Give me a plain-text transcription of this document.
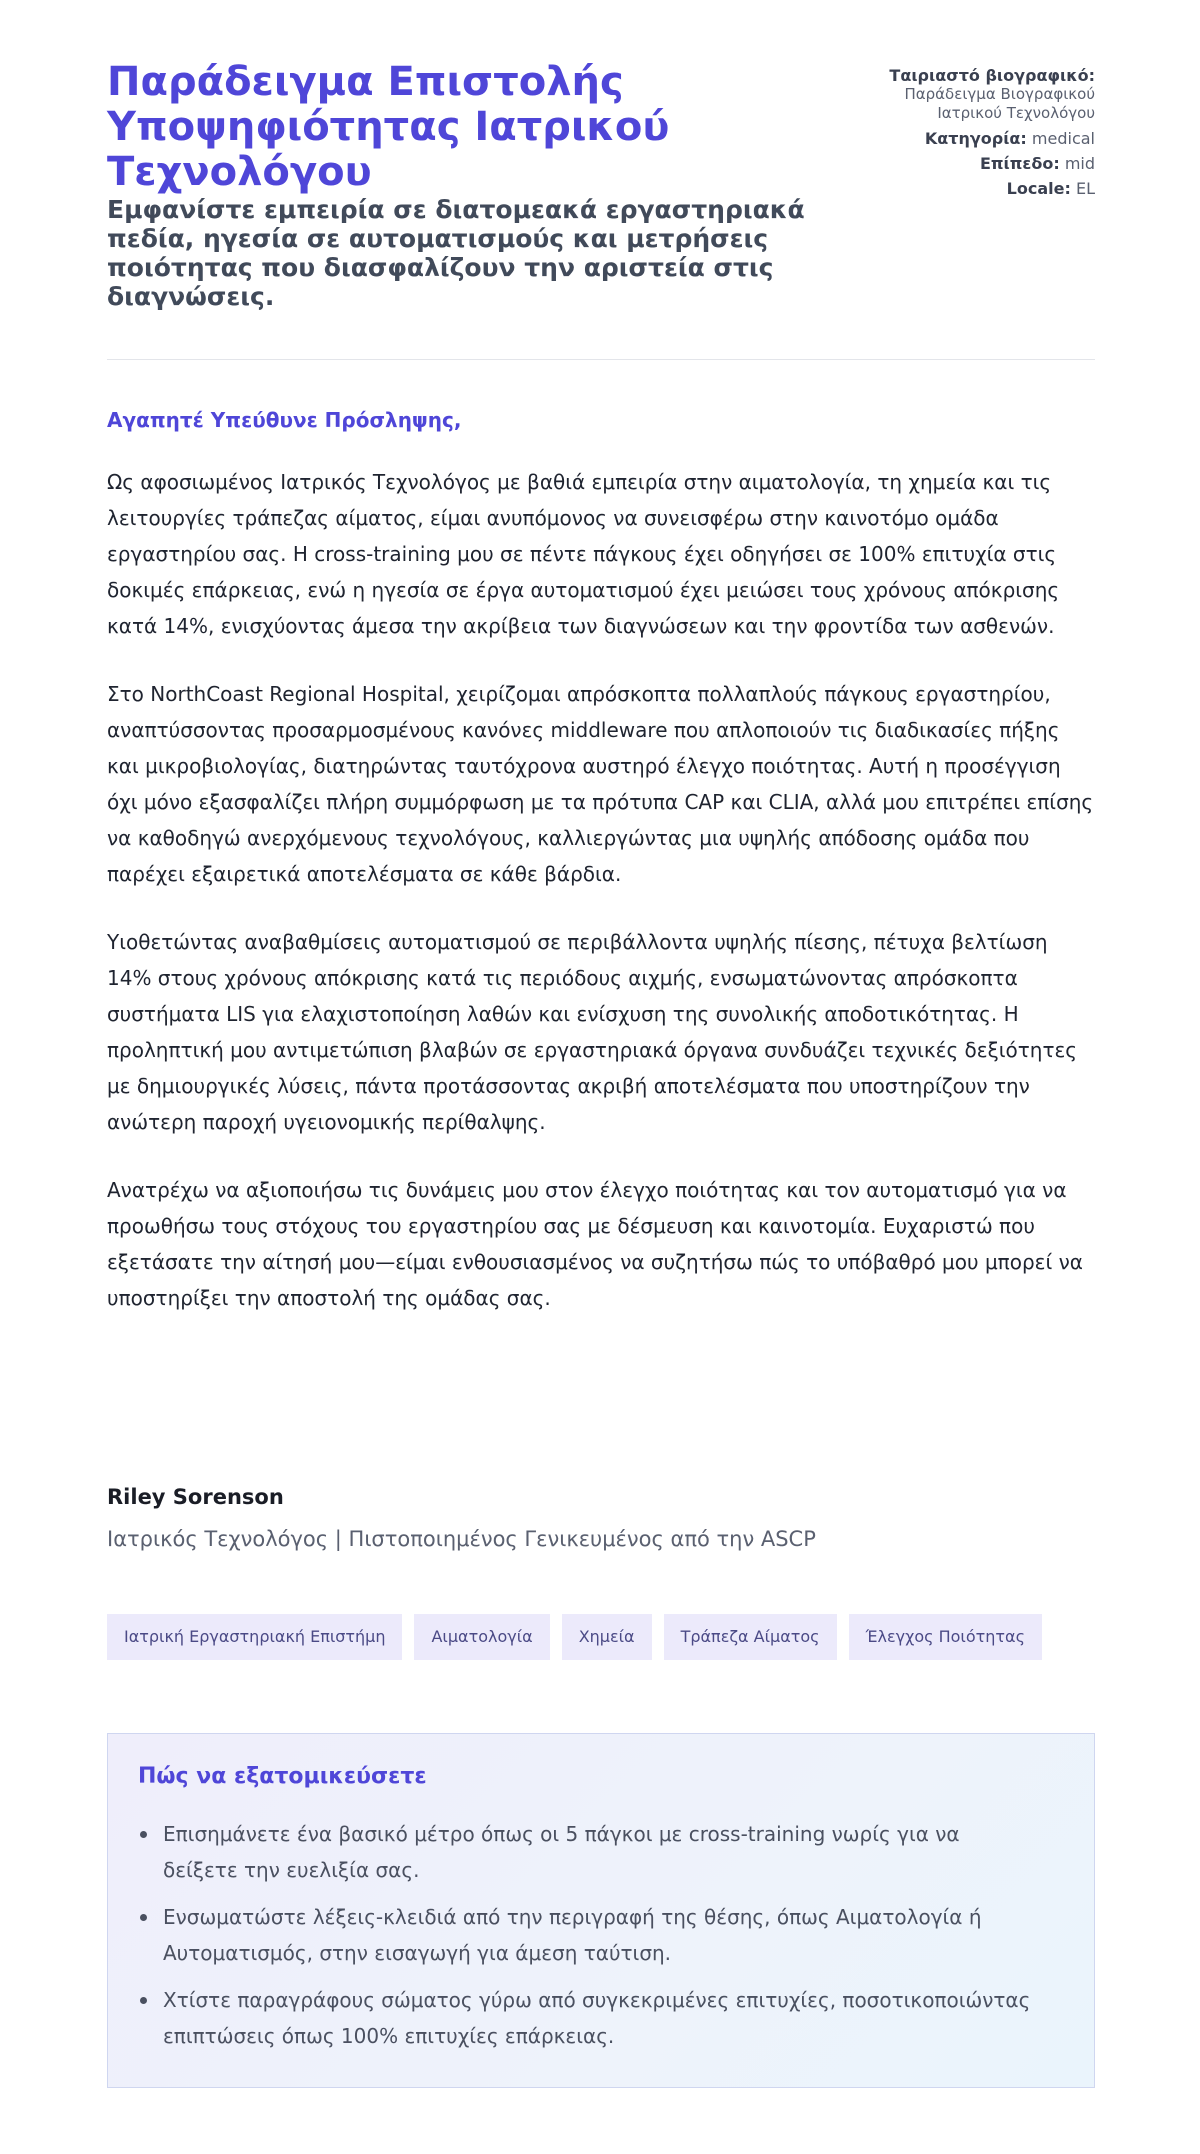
Παράδειγμα Επιστολής Υποψηφιότητας Ιατρικού Τεχνολόγου
Εμφανίστε εμπειρία σε διατομεακά εργαστηριακά πεδία, ηγεσία σε αυτοματισμούς και μετρήσεις ποιότητας που διασφαλίζουν την αριστεία στις διαγνώσεις.
Ταιριαστό βιογραφικό:
Παράδειγμα Βιογραφικού Ιατρικού Τεχνολόγου
Κατηγορία: medical
Επίπεδο: mid
Locale: EL

Αγαπητέ Υπεύθυνε Πρόσληψης,

Ως αφοσιωμένος Ιατρικός Τεχνολόγος με βαθιά εμπειρία στην αιματολογία, τη χημεία και τις λειτουργίες τράπεζας αίματος, είμαι ανυπόμονος να συνεισφέρω στην καινοτόμο ομάδα εργαστηρίου σας. Η cross-training μου σε πέντε πάγκους έχει οδηγήσει σε 100% επιτυχία στις δοκιμές επάρκειας, ενώ η ηγεσία σε έργα αυτοματισμού έχει μειώσει τους χρόνους απόκρισης κατά 14%, ενισχύοντας άμεσα την ακρίβεια των διαγνώσεων και την φροντίδα των ασθενών.

Στο NorthCoast Regional Hospital, χειρίζομαι απρόσκοπτα πολλαπλούς πάγκους εργαστηρίου, αναπτύσσοντας προσαρμοσμένους κανόνες middleware που απλοποιούν τις διαδικασίες πήξης και μικροβιολογίας, διατηρώντας ταυτόχρονα αυστηρό έλεγχο ποιότητας. Αυτή η προσέγγιση όχι μόνο εξασφαλίζει πλήρη συμμόρφωση με τα πρότυπα CAP και CLIA, αλλά μου επιτρέπει επίσης να καθοδηγώ ανερχόμενους τεχνολόγους, καλλιεργώντας μια υψηλής απόδοσης ομάδα που παρέχει εξαιρετικά αποτελέσματα σε κάθε βάρδια.

Υιοθετώντας αναβαθμίσεις αυτοματισμού σε περιβάλλοντα υψηλής πίεσης, πέτυχα βελτίωση 14% στους χρόνους απόκρισης κατά τις περιόδους αιχμής, ενσωματώνοντας απρόσκοπτα συστήματα LIS για ελαχιστοποίηση λαθών και ενίσχυση της συνολικής αποδοτικότητας. Η προληπτική μου αντιμετώπιση βλαβών σε εργαστηριακά όργανα συνδυάζει τεχνικές δεξιότητες με δημιουργικές λύσεις, πάντα προτάσσοντας ακριβή αποτελέσματα που υποστηρίζουν την ανώτερη παροχή υγειονομικής περίθαλψης.

Ανατρέχω να αξιοποιήσω τις δυνάμεις μου στον έλεγχο ποιότητας και τον αυτοματισμό για να προωθήσω τους στόχους του εργαστηρίου σας με δέσμευση και καινοτομία. Ευχαριστώ που εξετάσατε την αίτησή μου—είμαι ενθουσιασμένος να συζητήσω πώς το υπόβαθρό μου μπορεί να υποστηρίξει την αποστολή της ομάδας σας.

Riley Sorenson
Ιατρικός Τεχνολόγος | Πιστοποιημένος Γενικευμένος από την ASCP
Ιατρική Εργαστηριακή Επιστήμη	Αιματολογία	Χημεία	Τράπεζα Αίματος	Έλεγχος Ποιότητας
Πώς να εξατομικεύσετε
Επισημάνετε ένα βασικό μέτρο όπως οι 5 πάγκοι με cross-training νωρίς για να δείξετε την ευελιξία σας.
Ενσωματώστε λέξεις-κλειδιά από την περιγραφή της θέσης, όπως Αιματολογία ή Αυτοματισμός, στην εισαγωγή για άμεση ταύτιση.
Χτίστε παραγράφους σώματος γύρω από συγκεκριμένες επιτυχίες, ποσοτικοποιώντας επιπτώσεις όπως 100% επιτυχίες επάρκειας.
